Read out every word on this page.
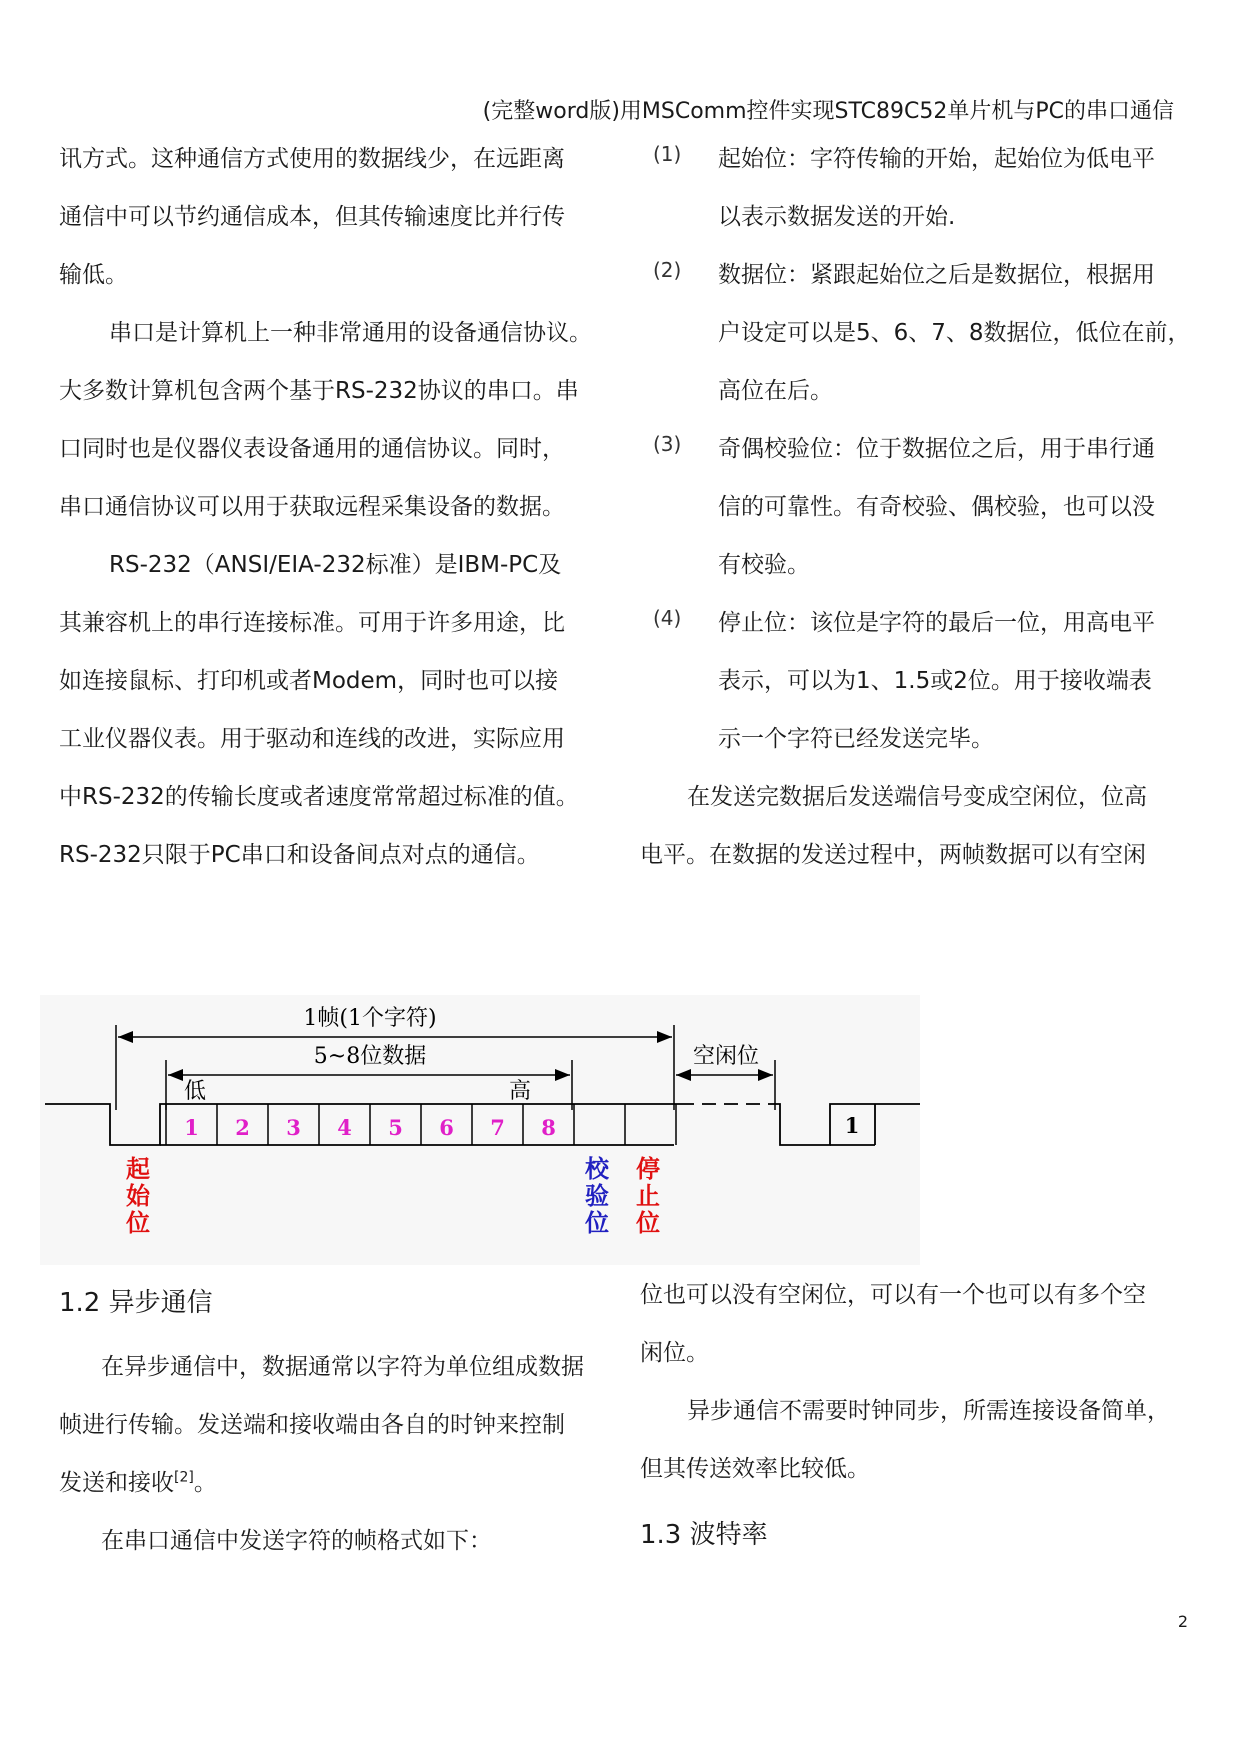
(完整word版)用MSComm控件实现STC89C52单片机与PC的串口通信

讯方式。这种通信方式使用的数据线少，在远距离

通信中可以节约通信成本，但其传输速度比并行传

输低。

串口是计算机上一种非常通用的设备通信协议。

大多数计算机包含两个基于RS-232协议的串口。串

口同时也是仪器仪表设备通用的通信协议。同时，

串口通信协议可以用于获取远程采集设备的数据。

RS-232（ANSI/EIA-232标准）是IBM-PC及

其兼容机上的串行连接标准。可用于许多用途，比

如连接鼠标、打印机或者Modem，同时也可以接

工业仪器仪表。用于驱动和连线的改进，实际应用

中RS-232的传输长度或者速度常常超过标准的值。

RS-232只限于PC串口和设备间点对点的通信。

1.2 异步通信

在异步通信中，数据通常以字符为单位组成数据

帧进行传输。发送端和接收端由各自的时钟来控制

发送和接收[2]。

在串口通信中发送字符的帧格式如下：

(1) 起始位：字符传输的开始，起始位为低电平

以表示数据发送的开始.

(2) 数据位：紧跟起始位之后是数据位，根据用

户设定可以是5、6、7、8数据位，低位在前，

高位在后。

(3) 奇偶校验位：位于数据位之后，用于串行通

信的可靠性。有奇校验、偶校验，也可以没

有校验。

(4) 停止位：该位是字符的最后一位，用高电平

表示，可以为1、1.5或2位。用于接收端表

示一个字符已经发送完毕。

在发送完数据后发送端信号变成空闲位，位高

电平。在数据的发送过程中，两帧数据可以有空闲

位也可以没有空闲位，可以有一个也可以有多个空

闲位。

异步通信不需要时钟同步，所需连接设备简单，

但其传送效率比较低。

1.3 波特率

1帧(1个字符)
5~8位数据	空闲位
低	高
1 2 3 4 5 6 7 8
起
始
位
校
验
位
停
止
位
1
2
